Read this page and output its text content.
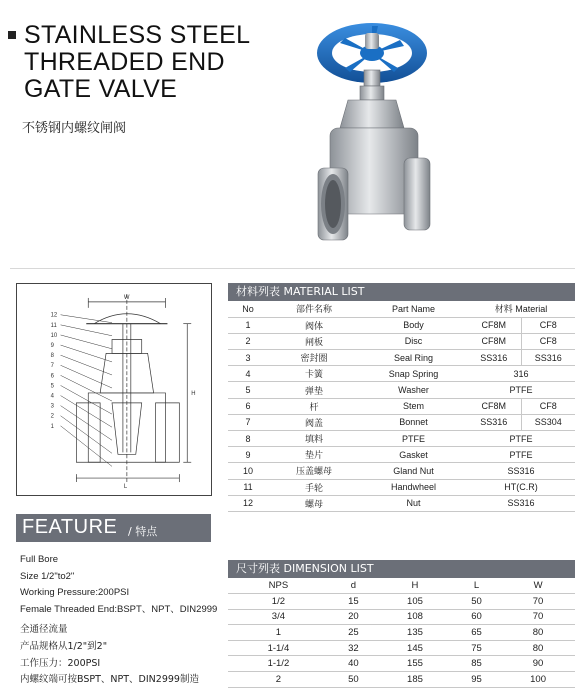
STAINLESS STEEL
THREADED END
GATE VALVE
不锈钢内螺纹闸阀
W
H
L
12
11
10
9
8
7
6
5
4
3
2
1
材料列表 MATERIAL LIST
No	部件名称	Part Name	材料 Material	
1	阀体	Body	CF8M	CF8
2	闸板	Disc	CF8M	CF8
3	密封圈	Seal Ring	SS316	SS316
4	卡簧	Snap Spring	316	
5	弹垫	Washer	PTFE	
6	杆	Stem	CF8M	CF8
7	阀盖	Bonnet	SS316	SS304
8	填料	PTFE	PTFE	
9	垫片	Gasket	PTFE	
10	压盖螺母	Gland Nut	SS316	
11	手轮	Handwheel	HT(C.R)	
12	螺母	Nut	SS316	
FEATURE / 特点
Full Bore
Size 1/2"to2"
Working Pressure:200PSI
Female Threaded End:BSPT、NPT、DIN2999
全通径流量
产品规格从1/2"到2"
工作压力：200PSI
内螺纹端可按BSPT、NPT、DIN2999制造
尺寸列表 DIMENSION LIST
NPS	d	H	L	W
1/2	15	105	50	70
3/4	20	108	60	70
1	25	135	65	80
1-1/4	32	145	75	80
1-1/2	40	155	85	90
2	50	185	95	100
